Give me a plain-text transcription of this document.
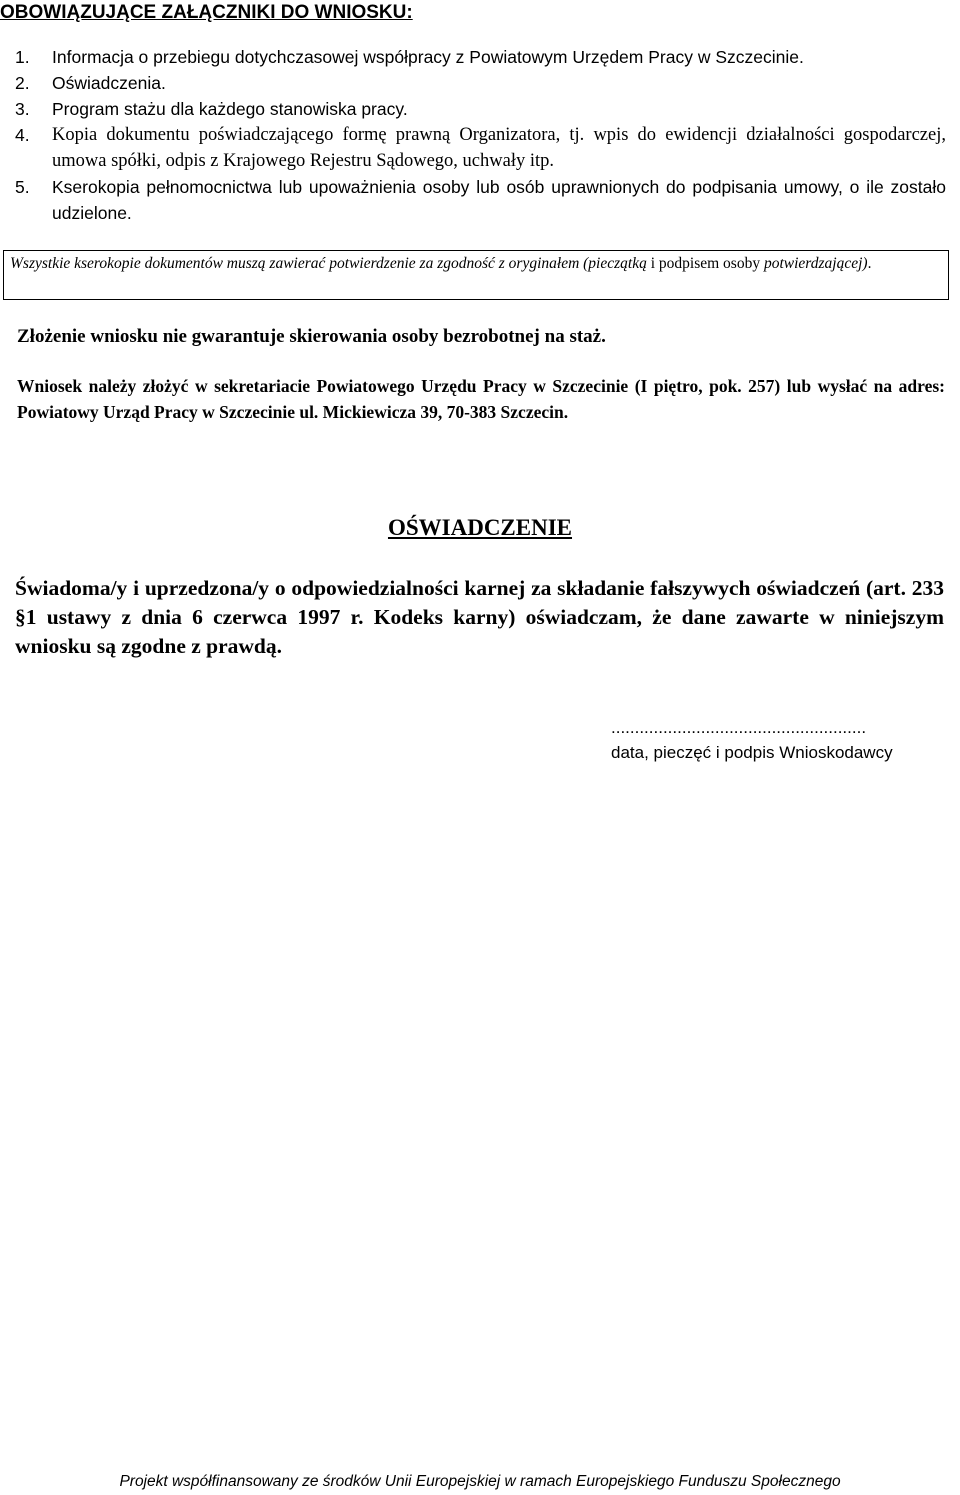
OBOWIĄZUJĄCE ZAŁĄCZNIKI DO WNIOSKU:
1.	Informacja o przebiegu dotychczasowej współpracy z Powiatowym Urzędem Pracy w Szczecinie.
2.	Oświadczenia.
3.	Program stażu dla każdego stanowiska pracy.
4.	Kopia dokumentu poświadczającego formę prawną Organizatora, tj. wpis do ewidencji działalności gospodarczej, umowa spółki, odpis z Krajowego Rejestru Sądowego, uchwały itp.
5.	Kserokopia pełnomocnictwa lub upoważnienia osoby lub osób uprawnionych do podpisania umowy, o ile zostało udzielone.
Wszystkie kserokopie dokumentów muszą zawierać potwierdzenie za zgodność z oryginałem (pieczątką i podpisem osoby potwierdzającej).

Złożenie wniosku nie gwarantuje skierowania osoby bezrobotnej na staż.

Wniosek należy złożyć w sekretariacie Powiatowego Urzędu Pracy w Szczecinie (I piętro, pok. 257) lub wysłać na adres: Powiatowy Urząd Pracy w Szczecinie ul. Mickiewicza 39, 70-383 Szczecin.

OŚWIADCZENIE

Świadoma/y i uprzedzona/y o odpowiedzialności karnej za składanie fałszywych oświadczeń (art. 233 §1 ustawy z dnia 6 czerwca 1997 r. Kodeks karny) oświadczam, że dane zawarte w niniejszym wniosku są zgodne z prawdą.

......................................................

data, pieczęć i podpis Wnioskodawcy

Projekt współfinansowany ze środków Unii Europejskiej w ramach Europejskiego Funduszu Społecznego
